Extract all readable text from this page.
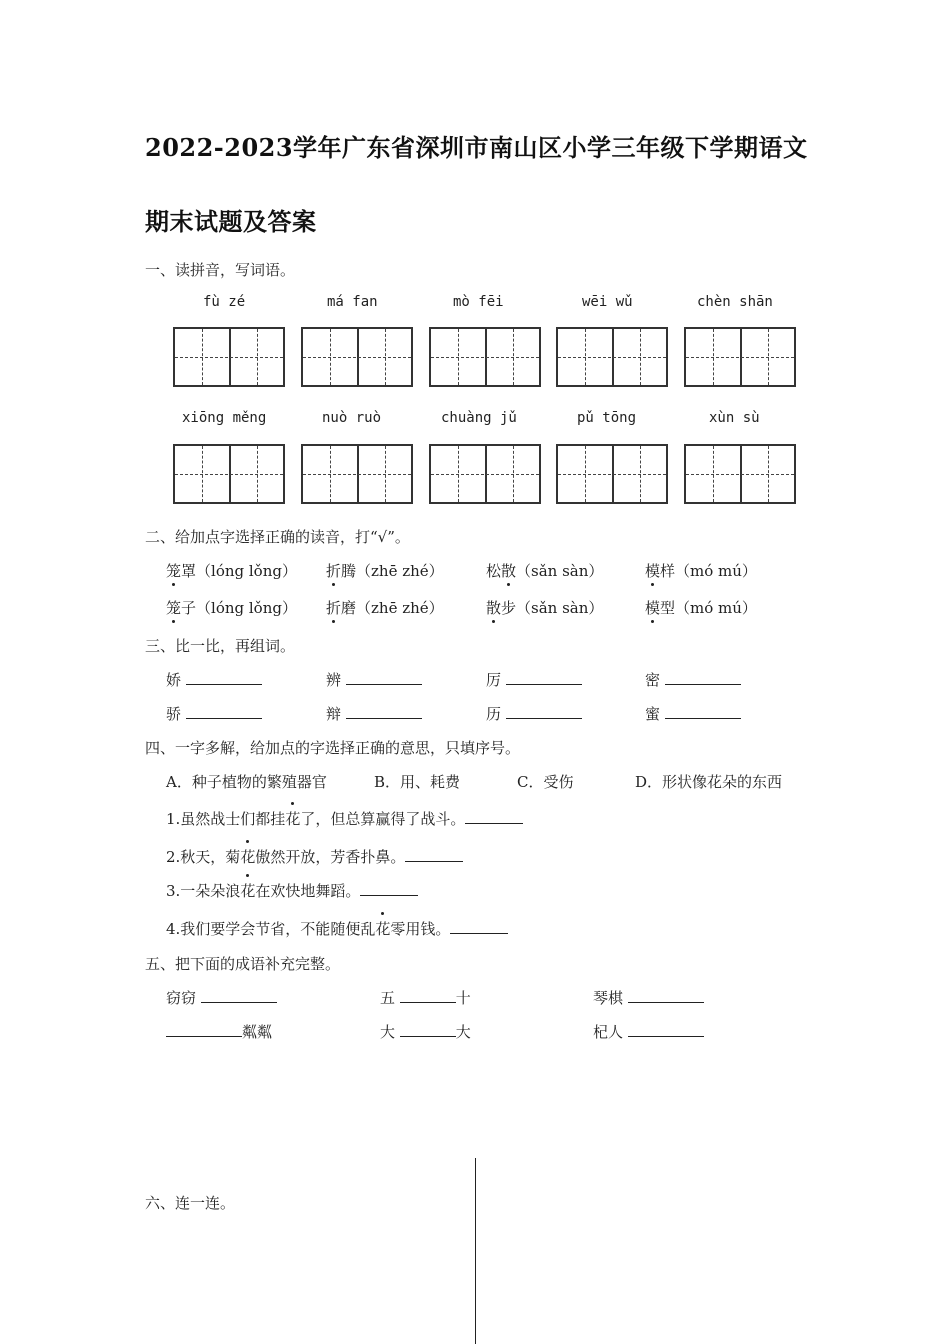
2022-2023学年广东省深圳市南山区小学三年级下学期语文
期末试题及答案
一、读拼音，写词语。
fù zé	má fan	mò fēi	wēi wǔ	chèn shān
xiōng měng	nuò ruò	chuàng jǔ	pǔ tōng	xùn sù
二、给加点字选择正确的读音，打“√”。
笼罩（lóng lǒng） 折腾（zhē zhé）	松散（sǎn sàn）	模样（mó mú）
笼子（lóng lǒng） 折磨（zhē zhé）	散步（sǎn sàn）	模型（mó mú）
三、比一比，再组词。
娇	辨	厉	密
骄	辩	历	蜜
四、一字多解，给加点的字选择正确的意思，只填序号。
A．种子植物的繁殖器官	B．用、耗费	C．受伤	D．形状像花朵的东西
1.虽然战士们都挂花了，但总算赢得了战斗。
2.秋天，菊花傲然开放，芳香扑鼻。
3.一朵朵浪花在欢快地舞蹈。
4.我们要学会节省，不能随便乱花零用钱。
五、把下面的成语补充完整。
窃窃	五	十	琴棋
粼粼	大	大	杞人
六、连一连。
